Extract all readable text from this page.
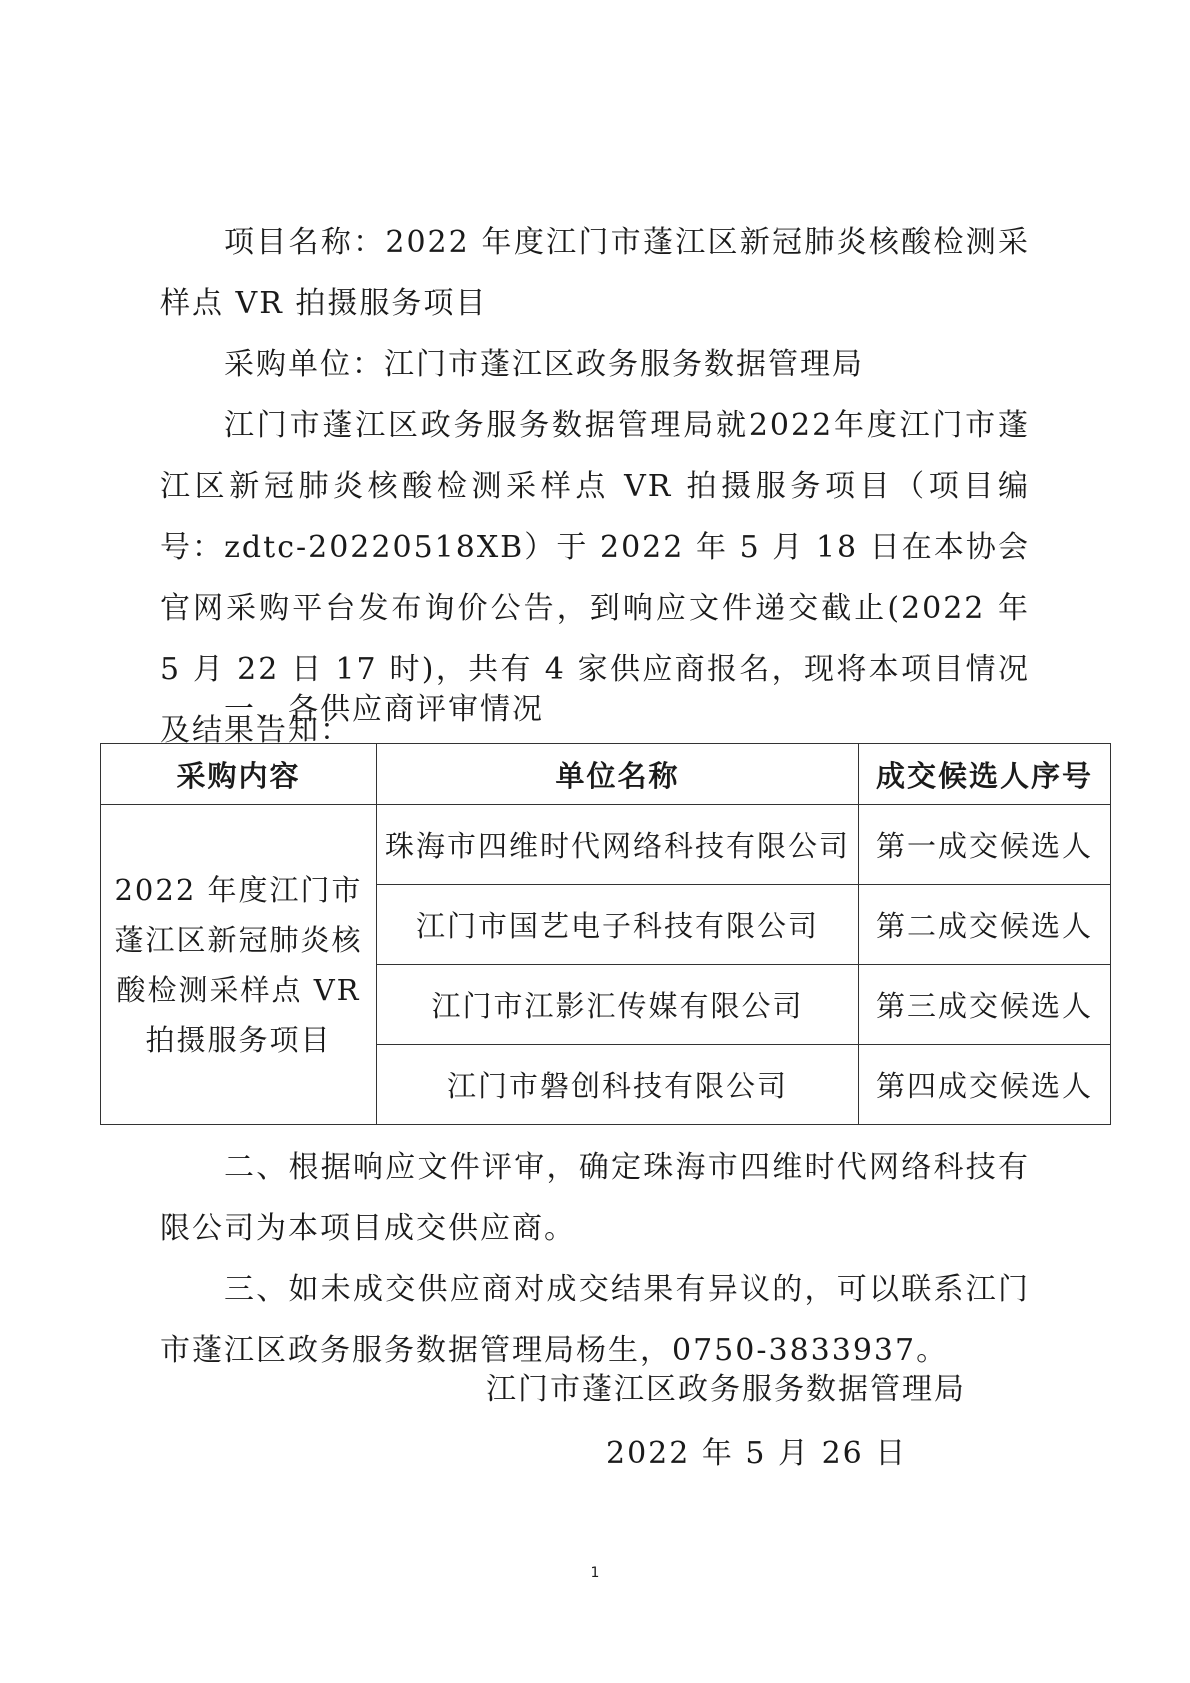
项目名称：2022 年度江门市蓬江区新冠肺炎核酸检测采样点 VR 拍摄服务项目

采购单位：江门市蓬江区政务服务数据管理局

江门市蓬江区政务服务数据管理局就2022年度江门市蓬江区新冠肺炎核酸检测采样点 VR 拍摄服务项目（项目编号：zdtc-20220518XB）于 2022 年 5 月 18 日在本协会官网采购平台发布询价公告，到响应文件递交截止(2022 年 5 月 22 日 17 时)，共有 4 家供应商报名，现将本项目情况及结果告知：

一、各供应商评审情况

采购内容	单位名称	成交候选人序号
2022 年度江门市蓬江区新冠肺炎核酸检测采样点 VR 拍摄服务项目	珠海市四维时代网络科技有限公司	第一成交候选人
	江门市国艺电子科技有限公司	第二成交候选人
	江门市江影汇传媒有限公司	第三成交候选人
	江门市磐创科技有限公司	第四成交候选人

二、根据响应文件评审，确定珠海市四维时代网络科技有限公司为本项目成交供应商。

三、如未成交供应商对成交结果有异议的，可以联系江门市蓬江区政务服务数据管理局杨生，0750-3833937。

江门市蓬江区政务服务数据管理局

2022 年 5 月 26 日

1
